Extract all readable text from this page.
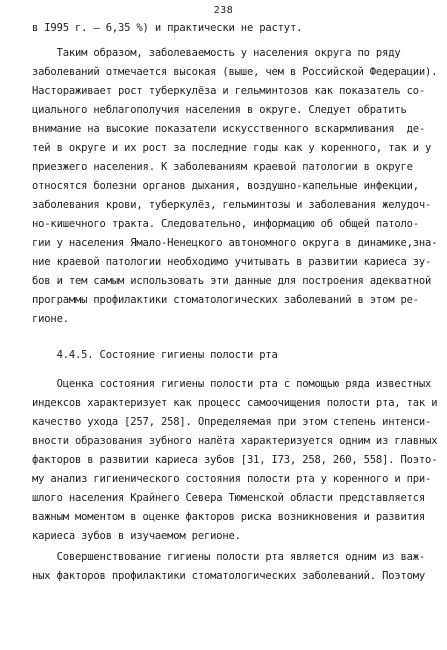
238
в I995 г. – 6,35 %) и практически не растут.
Таким образом, заболеваемость у населения округа по ряду
заболеваний отмечается высокая (выше, чем в Российской Федерации).
Настораживает рост туберкулёза и гельминтозов как показатель со-
циального неблагополучия населения в округе. Следует обратить
внимание на высокие показатели искусственного вскармливания  де-
тей в округе и их рост за последние годы как у коренного, так и у
приезжего населения. К заболеваниям краевой патологии в округе
относятся болезни органов дыхания, воздушно-капельные инфекции,
заболевания крови, туберкулёз, гельминтозы и заболевания желудоч-
но-кишечного тракта. Следовательно, информацию об общей патоло-
гии у населения Ямало-Ненецкого автономного округа в динамике,зна-
ние краевой патологии необходимо учитывать в развитии кариеса зу-
бов и тем самым использовать эти данные для построения адекватной
программы профилактики стоматологических заболеваний в этом ре-
гионе.
4.4.5. Состояние гигиены полости рта
Оценка состояния гигиены полости рта с помощью ряда известных
индексов характеризует как процесс самоочищения полости рта, так и
качество ухода [257, 258]. Определяемая при этом степень интенси-
вности образования зубного налёта характеризуется одним из главных
факторов в развитии кариеса зубов [31, I73, 258, 260, 558]. Поэто-
му анализ гигиенического состояния полости рта у коренного и при-
шлого населения Крайнего Севера Тюменской области представляется
важным моментом в оценке факторов риска возникновения и развития
кариеса зубов в изучаемом регионе.
Совершенствование гигиены полости рта является одним из важ-
ных факторов профилактики стоматологических заболеваний. Поэтому
